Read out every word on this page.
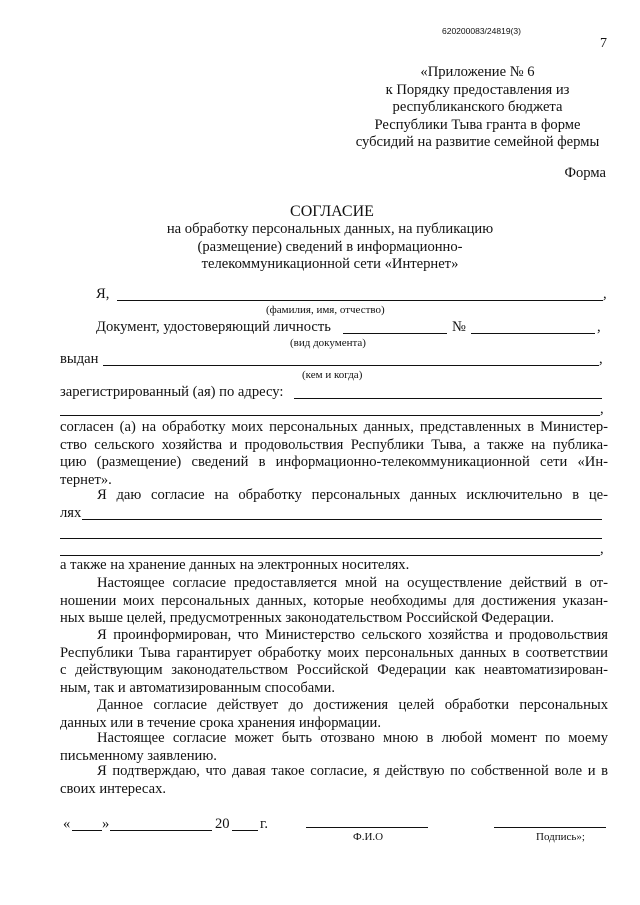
620200083/24819(3)
7
«Приложение № 6
к Порядку предоставления из
республиканского бюджета
Республики Тыва гранта в форме
субсидий на развитие семейной фермы
Форма
СОГЛАСИЕ
на обработку персональных данных, на публикацию
(размещение) сведений в информационно-
телекоммуникационной сети «Интернет»
Я,	,
(фамилия, имя, отчество)
Документ, удостоверяющий личность	№	,
(вид документа)
выдан	,
(кем и когда)
зарегистрированный (ая) по адресу:
,
согласен (а) на обработку моих персональных данных, представленных в Министер-
ство сельского хозяйства и продовольствия Республики Тыва, а также на публика-
цию (размещение) сведений в информационно-телекоммуникационной сети «Ин-
тернет».
Я даю согласие на обработку персональных данных исключительно в це-
лях
,
а также на хранение данных на электронных носителях.
Настоящее согласие предоставляется мной на осуществление действий в от-
ношении моих персональных данных, которые необходимы для достижения указан-
ных выше целей, предусмотренных законодательством Российской Федерации.
Я проинформирован, что Министерство сельского хозяйства и продовольствия
Республики Тыва гарантирует обработку моих персональных данных в соответствии
с действующим законодательством Российской Федерации как неавтоматизирован-
ным, так и автоматизированным способами.
Данное согласие действует до достижения целей обработки персональных
данных или в течение срока хранения информации.
Настоящее согласие может быть отозвано мною в любой момент по моему
письменному заявлению.
Я подтверждаю, что давая такое согласие, я действую по собственной воле и в
своих интересах.
« »	20 г.
Ф.И.О	Подпись»;
